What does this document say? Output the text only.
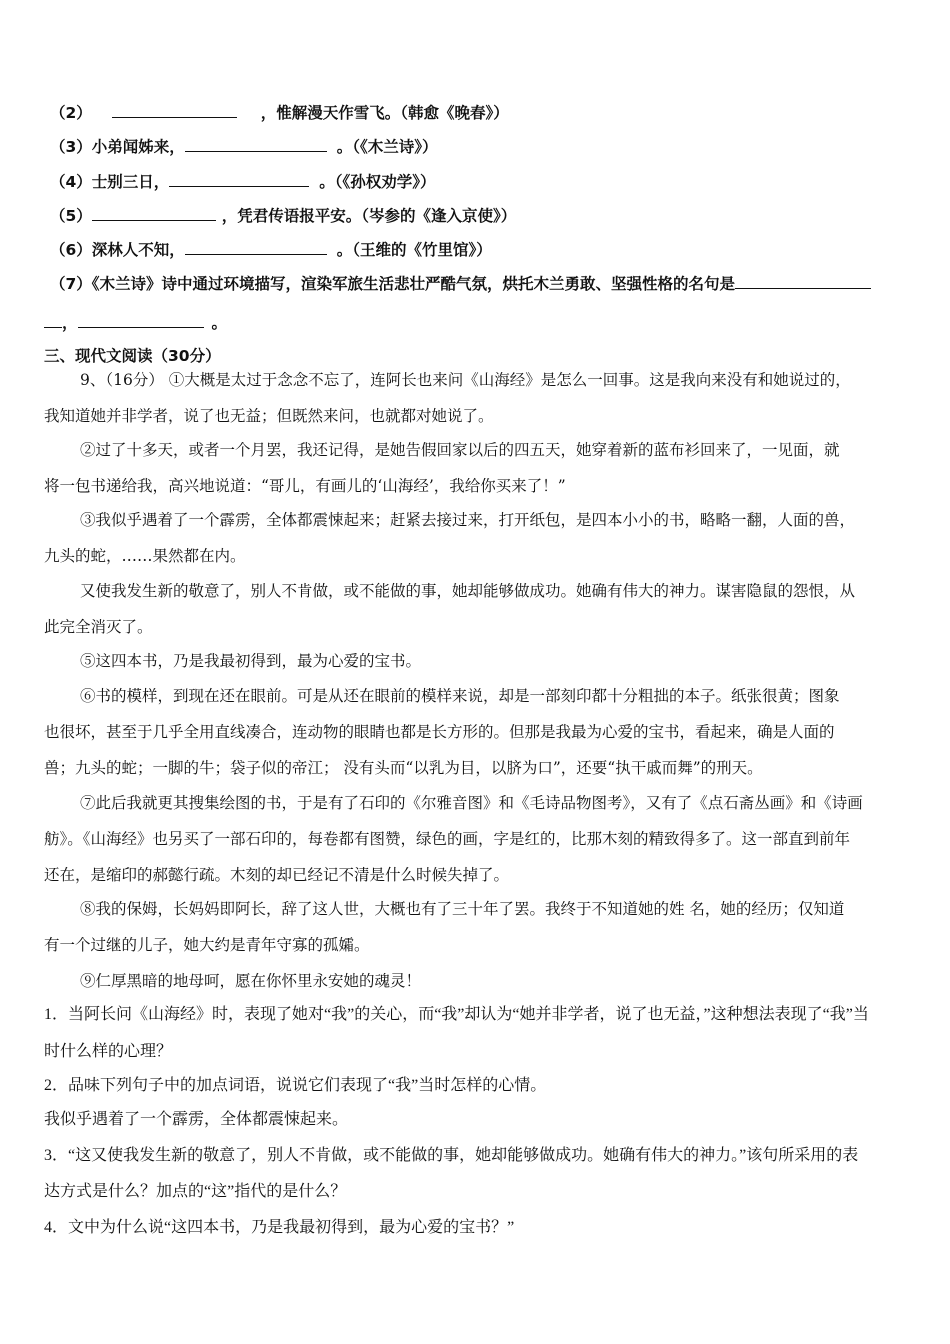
（2）	，惟解漫天作雪飞。（韩愈《晚春》）
（3）小弟闻姊来，	。（《木兰诗》）
（4）士别三日，	。（《孙权劝学》）
（5）	，凭君传语报平安。（岑参的《逢入京使》）
（6）深林人不知，	。（王维的《竹里馆》）
（7）《木兰诗》诗中通过环境描写，渲染军旅生活悲壮严酷气氛，烘托木兰勇敢、坚强性格的名句是
，	。
三、现代文阅读（30分）
9、（16分） ①大概是太过于念念不忘了，连阿长也来问《山海经》是怎么一回事。这是我向来没有和她说过的，
我知道她并非学者，说了也无益；但既然来问，也就都对她说了。
②过了十多天，或者一个月罢，我还记得，是她告假回家以后的四五天，她穿着新的蓝布衫回来了，一见面，就
将一包书递给我，高兴地说道：“哥儿，有画儿的‘山海经’，我给你买来了！”
③我似乎遇着了一个霹雳，全体都震悚起来；赶紧去接过来，打开纸包，是四本小小的书，略略一翻，人面的兽，
九头的蛇，……果然都在内。
又使我发生新的敬意了，别人不肯做，或不能做的事，她却能够做成功。她确有伟大的神力。谋害隐鼠的怨恨，从
此完全消灭了。
⑤这四本书，乃是我最初得到，最为心爱的宝书。
⑥书的模样，到现在还在眼前。可是从还在眼前的模样来说，却是一部刻印都十分粗拙的本子。纸张很黄；图象
也很坏，甚至于几乎全用直线凑合，连动物的眼睛也都是长方形的。但那是我最为心爱的宝书，看起来，确是人面的
兽；九头的蛇；一脚的牛；袋子似的帝江； 没有头而“以乳为目，以脐为口”，还要“执干戚而舞”的刑天。
⑦此后我就更其搜集绘图的书，于是有了石印的《尔雅音图》和《毛诗品物图考》，又有了《点石斋丛画》和《诗画
舫》。《山海经》也另买了一部石印的，每卷都有图赞，绿色的画，字是红的，比那木刻的精致得多了。这一部直到前年
还在，是缩印的郝懿行疏。木刻的却已经记不清是什么时候失掉了。
⑧我的保姆，长妈妈即阿长，辞了这人世，大概也有了三十年了罢。我终于不知道她的姓 名，她的经历；仅知道
有一个过继的儿子，她大约是青年守寡的孤孀。
⑨仁厚黑暗的地母呵，愿在你怀里永安她的魂灵！
1．当阿长问《山海经》时，表现了她对“我”的关心，而“我”却认为“她并非学者，说了也无益，”这种想法表现了“我”当
时什么样的心理？
2．品味下列句子中的加点词语，说说它们表现了“我”当时怎样的心情。
我似乎遇着了一个霹雳，全体都震悚起来。
3．“这又使我发生新的敬意了，别人不肯做，或不能做的事，她却能够做成功。她确有伟大的神力。”该句所采用的表
达方式是什么？加点的“这”指代的是什么？
4．文中为什么说“这四本书，乃是我最初得到，最为心爱的宝书？”
